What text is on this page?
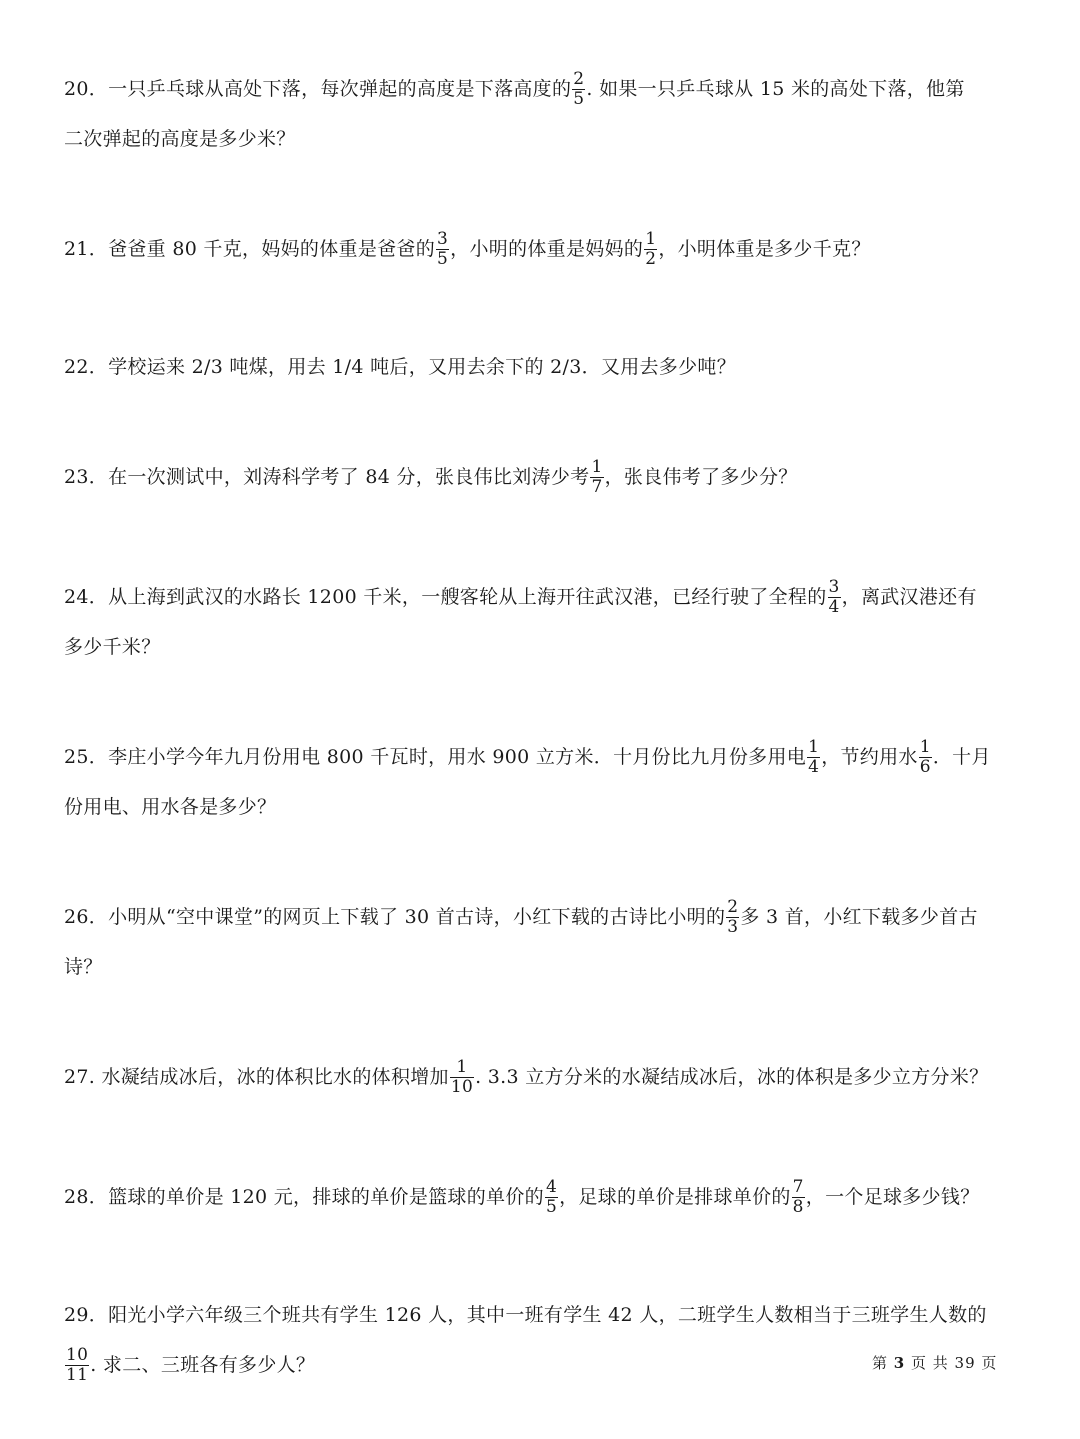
20．一只乒乓球从高处下落，每次弹起的高度是下落高度的 $\frac{2}{5}$ . 如果一只乒乓球从 15 米的高处下落，他第
二次弹起的高度是多少米？
21．爸爸重 80 千克，妈妈的体重是爸爸的 $\frac{3}{5}$ ，小明的体重是妈妈的 $\frac{1}{2}$ ，小明体重是多少千克？
22．学校运来 2/3 吨煤，用去 1/4 吨后，又用去余下的 2/3．又用去多少吨？
23．在一次测试中，刘涛科学考了 84 分，张良伟比刘涛少考 $\frac{1}{7}$ ，张良伟考了多少分？
24．从上海到武汉的水路长 1200 千米，一艘客轮从上海开往武汉港，已经行驶了全程的 $\frac{3}{4}$ ，离武汉港还有
多少千米？
25．李庄小学今年九月份用电 800 千瓦时，用水 900 立方米．十月份比九月份多用电 $\frac{1}{4}$ ，节约用水 $\frac{1}{6}$ ．十月
份用电、用水各是多少？
26．小明从“空中课堂”的网页上下载了 30 首古诗，小红下载的古诗比小明的 $\frac{2}{3}$ 多 3 首，小红下载多少首古
诗？
27. 水凝结成冰后，冰的体积比水的体积增加 $\frac{1}{10}$ . 3.3 立方分米的水凝结成冰后，冰的体积是多少立方分米？
28．篮球的单价是 120 元，排球的单价是篮球的单价的 $\frac{4}{5}$ ，足球的单价是排球单价的 $\frac{7}{8}$ ，一个足球多少钱？
29．阳光小学六年级三个班共有学生 126 人，其中一班有学生 42 人，二班学生人数相当于三班学生人数的
$\frac{10}{11}$ . 求二、三班各有多少人？	第 3 页 共 39 页
